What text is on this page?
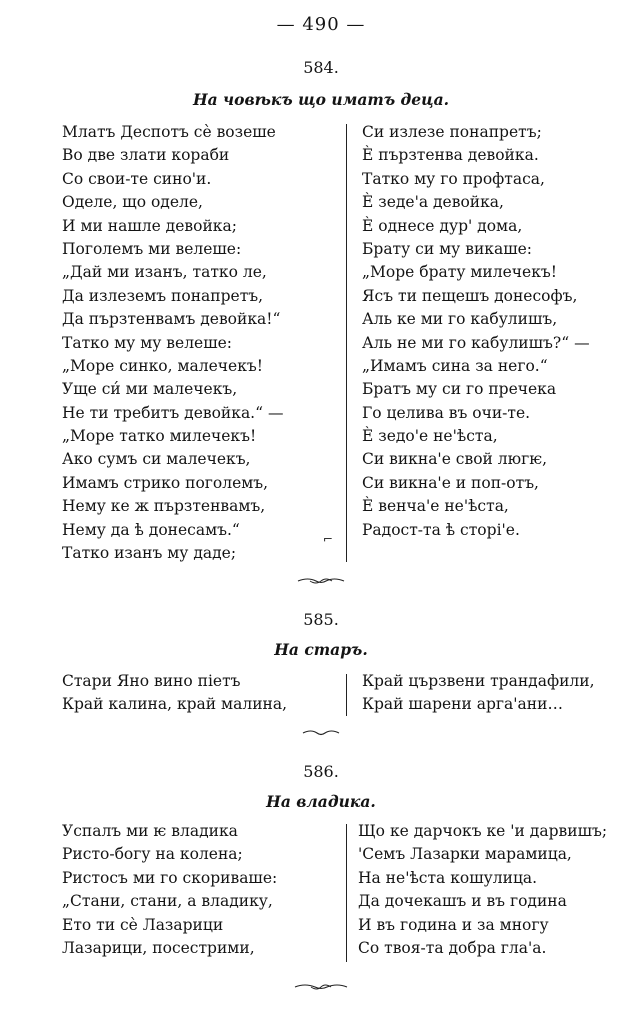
— 490 —
584.
На човѣкъ що иматъ деца.
Млатъ Деспотъ сѐ возеше
Во две злати кораби
Со свои-те сино'и.
Оделе, що оделе,
И ми нашле девойка;
Поголемъ ми велеше:
„Дай ми изанъ, татко ле,
Да излеземъ понапретъ,
Да пързтенвамъ девойка!“
Татко му му велеше:
„Море синко, малечекъ!
Уще си́ ми малечекъ,
Не ти требитъ девойка.“ —
„Море татко милечекъ!
Ако сумъ си малечекъ,
Имамъ стрико поголемъ,
Нему ке ж пързтенвамъ,
Нему да ѣ донесамъ.“
Татко изанъ му даде;
⌐
Си излезе понапретъ;
Ѐ пързтенва девойка.
Татко му го профтаса,
Ѐ зеде'а девойка,
Ѐ однесе дур' дома,
Брату си му викаше:
„Море брату милечекъ!
Ясъ ти пещешъ донесофъ,
Аль ке ми го кабулишъ,
Аль не ми го кабулишъ?“ —
„Имамъ сина за него.“
Братъ му си го пречека
Го целива въ очи-те.
Ѐ зедо'е не'ѣста,
Си викна'е свой люгѥ,
Си викна'е и поп-отъ,
Ѐ венча'е не'ѣста,
Радост-та ѣ сторі'е.
585.
На старъ.
Стари Яно вино піетъ
Край калина, край малина,
Край цързвени трандафили,
Край шарени арга'ани…
586.
На владика.
Успалъ ми ѥ владика
Ристо-богу на колена;
Ристосъ ми го скориваше:
„Стани, стани, а владику,
Ето ти сѐ Лазарици
Лазарици, посестрими,
Що ке дарчокъ ке 'и дарвишъ;
'Семъ Лазарки марамица,
На не'ѣста кошулица.
Да дочекашъ и въ година
И въ година и за многу
Со твоя-та добра гла'а.
